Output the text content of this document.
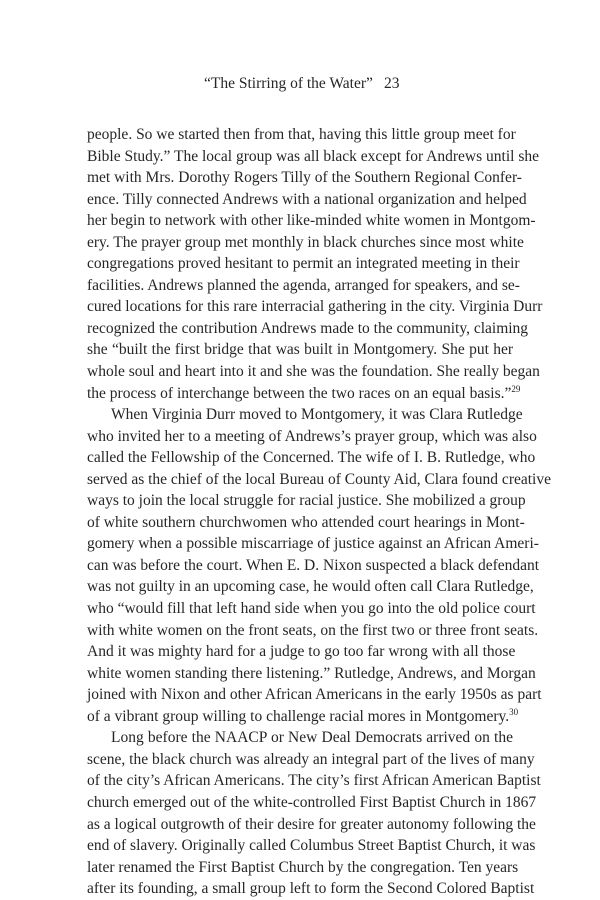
“The Stirring of the Water” 23
people. So we started then from that, having this little group meet for
Bible Study.” The local group was all black except for Andrews until she
met with Mrs. Dorothy Rogers Tilly of the Southern Regional Confer-
ence. Tilly connected Andrews with a national organization and helped
her begin to network with other like-minded white women in Montgom-
ery. The prayer group met monthly in black churches since most white
congregations proved hesitant to permit an integrated meeting in their
facilities. Andrews planned the agenda, arranged for speakers, and se-
cured locations for this rare interracial gathering in the city. Virginia Durr
recognized the contribution Andrews made to the community, claiming
she “built the first bridge that was built in Montgomery. She put her
whole soul and heart into it and she was the foundation. She really began
the process of interchange between the two races on an equal basis.”$^{29}$
When Virginia Durr moved to Montgomery, it was Clara Rutledge
who invited her to a meeting of Andrews’s prayer group, which was also
called the Fellowship of the Concerned. The wife of I. B. Rutledge, who
served as the chief of the local Bureau of County Aid, Clara found creative
ways to join the local struggle for racial justice. She mobilized a group
of white southern churchwomen who attended court hearings in Mont-
gomery when a possible miscarriage of justice against an African Ameri-
can was before the court. When E. D. Nixon suspected a black defendant
was not guilty in an upcoming case, he would often call Clara Rutledge,
who “would fill that left hand side when you go into the old police court
with white women on the front seats, on the first two or three front seats.
And it was mighty hard for a judge to go too far wrong with all those
white women standing there listening.” Rutledge, Andrews, and Morgan
joined with Nixon and other African Americans in the early 1950s as part
of a vibrant group willing to challenge racial mores in Montgomery.$^{30}$
Long before the NAACP or New Deal Democrats arrived on the
scene, the black church was already an integral part of the lives of many
of the city’s African Americans. The city’s first African American Baptist
church emerged out of the white-controlled First Baptist Church in 1867
as a logical outgrowth of their desire for greater autonomy following the
end of slavery. Originally called Columbus Street Baptist Church, it was
later renamed the First Baptist Church by the congregation. Ten years
after its founding, a small group left to form the Second Colored Baptist
